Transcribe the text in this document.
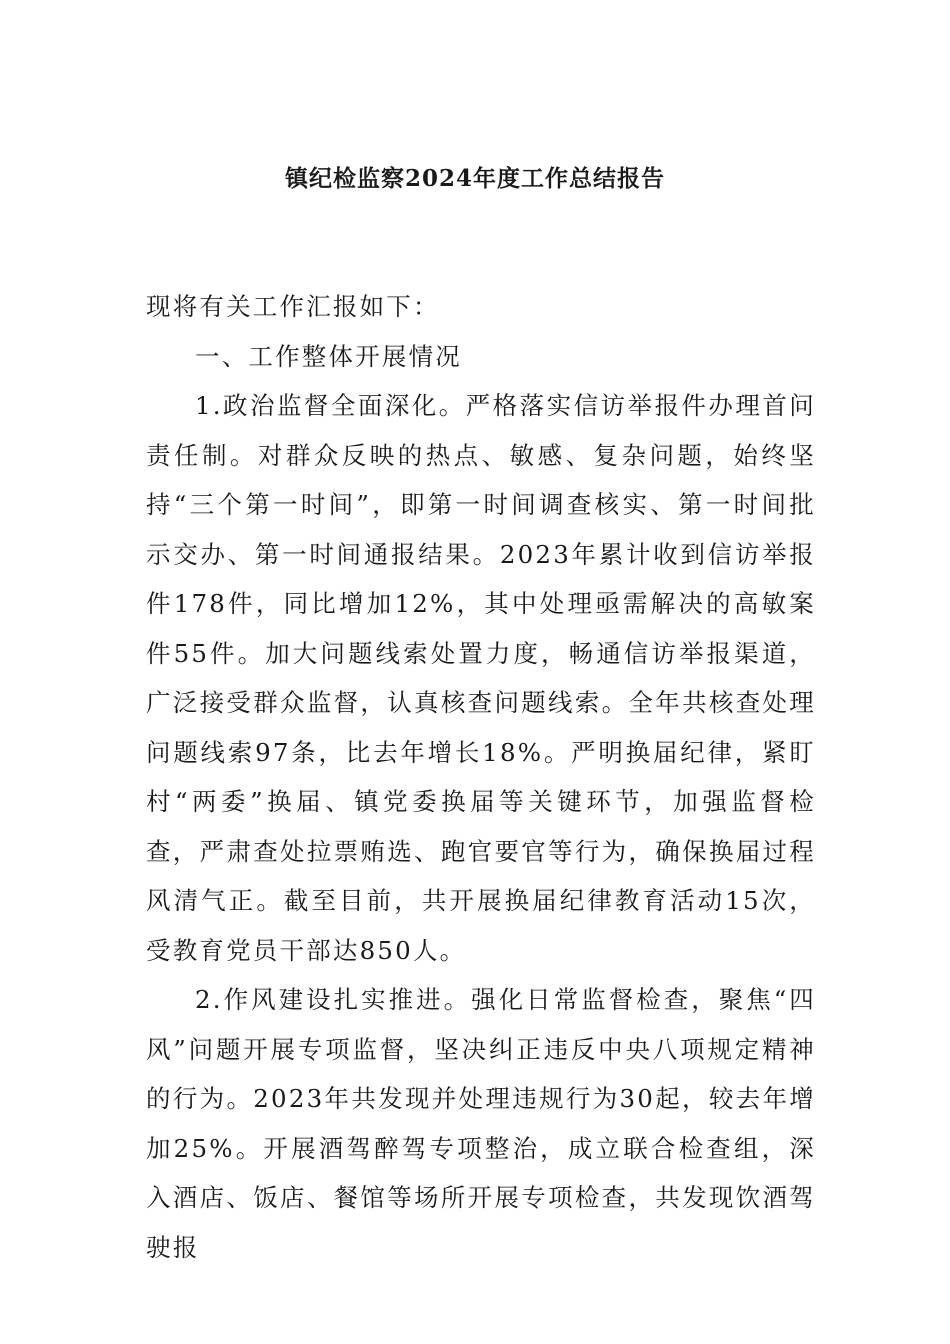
镇纪检监察2024年度工作总结报告

现将有关工作汇报如下：

一、工作整体开展情况

1.政治监督全面深化。严格落实信访举报件办理首问责任制。对群众反映的热点、敏感、复杂问题，始终坚持“三个第一时间”，即第一时间调查核实、第一时间批示交办、第一时间通报结果。2023年累计收到信访举报件178件，同比增加12%，其中处理亟需解决的高敏案件55件。加大问题线索处置力度，畅通信访举报渠道，广泛接受群众监督，认真核查问题线索。全年共核查处理问题线索97条，比去年增长18%。严明换届纪律，紧盯村“两委”换届、镇党委换届等关键环节，加强监督检查，严肃查处拉票贿选、跑官要官等行为，确保换届过程风清气正。截至目前，共开展换届纪律教育活动15次，受教育党员干部达850人。

2.作风建设扎实推进。强化日常监督检查，聚焦“四风”问题开展专项监督，坚决纠正违反中央八项规定精神的行为。2023年共发现并处理违规行为30起，较去年增加25%。开展酒驾醉驾专项整治，成立联合检查组，深入酒店、饭店、餐馆等场所开展专项检查，共发现饮酒驾驶报
